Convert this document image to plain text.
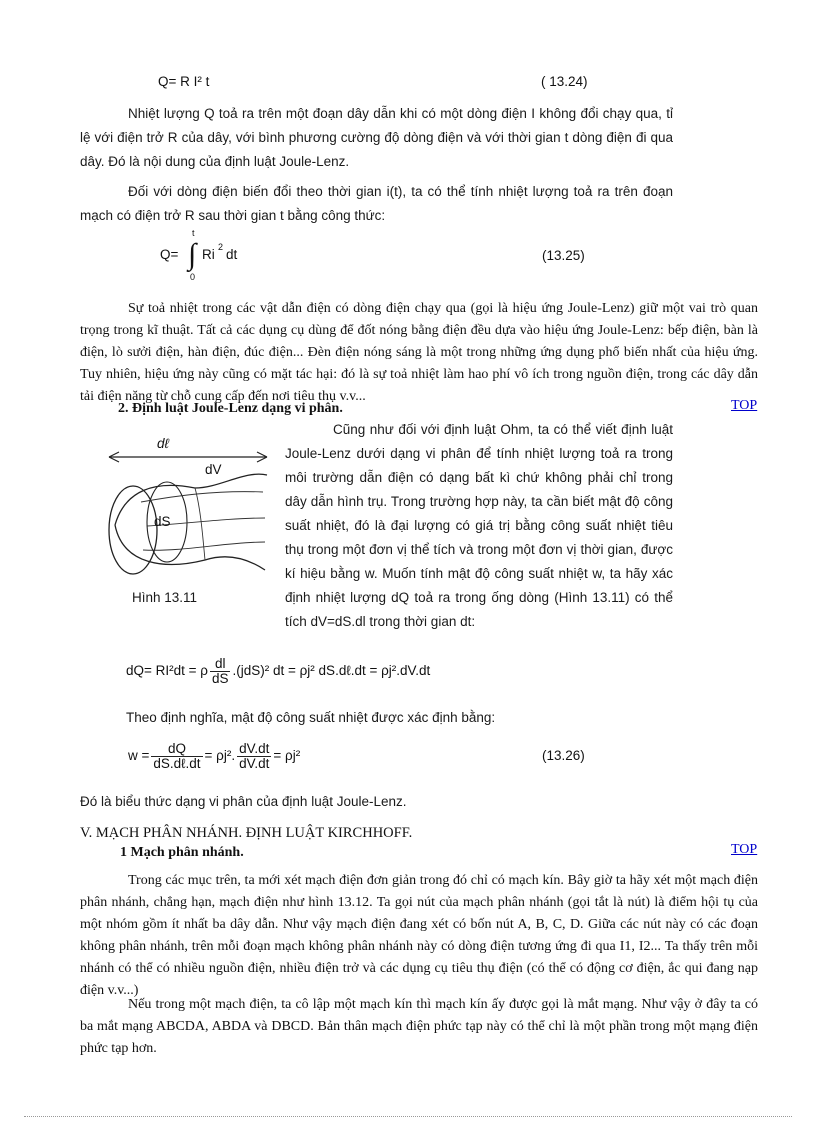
Q= R I² t	( 13.24)
Nhiệt lượng Q toả ra trên một đoạn dây dẫn khi có một dòng điện I không đổi chạy qua, tỉ lệ với điện trở R của dây, với bình phương cường độ dòng điện và với thời gian t dòng điện đi qua dây. Đó là nội dung của định luật Joule-Lenz.
Đối với dòng điện biến đổi theo thời gian i(t), ta có thể tính nhiệt lượng toả ra trên đoạn mạch có điện trở R sau thời gian t bằng công thức:
Q= ∫
t
0
Ri 2 dt	(13.25)
Sự toả nhiệt trong các vật dẫn điện có dòng điện chạy qua (gọi là hiệu ứng Joule-Lenz) giữ một vai trò quan trọng trong kĩ thuật. Tất cả các dụng cụ dùng để đốt nóng bằng điện đều dựa vào hiệu ứng Joule-Lenz: bếp điện, bàn là điện, lò sưởi điện, hàn điện, đúc điện... Đèn điện nóng sáng là một trong những ứng dụng phổ biến nhất của hiệu ứng. Tuy nhiên, hiệu ứng này cũng có mặt tác hại: đó là sự toả nhiệt làm hao phí vô ích trong nguồn điện, trong các dây dẫn tải điện năng từ chỗ cung cấp đến nơi tiêu thụ v.v...
2. Định luật Joule-Lenz dạng vi phân.	TOP
dℓ
dV
dS
Hình 13.11
Cũng như đối với định luật Ohm, ta có thể viết định luật Joule-Lenz dưới dạng vi phân để tính nhiệt lượng toả ra trong môi trường dẫn điện có dạng bất kì chứ không phải chỉ trong dây dẫn hình trụ. Trong trường hợp này, ta cần biết mật độ công suất nhiệt, đó là đại lượng có giá trị bằng công suất nhiệt tiêu thụ trong một đơn vị thể tích và trong một đơn vị thời gian, được kí hiệu bằng w. Muốn tính mật độ công suất nhiệt w, ta hãy xác định nhiệt lượng dQ toả ra trong ống dòng (Hình 13.11) có thể tích dV=dS.dl trong thời gian dt:
dQ= RI²dt = ρ $\frac{dl}{dS} .(jdS)^2$ dt = ρj² dS.dℓ.dt = ρj².dV.dt
Theo định nghĩa, mật độ công suất nhiệt được xác định bằng:
$w = \frac{dQ}{\text{dS.dℓ.dt}} = \rho j^2$. $\frac{dV.dt}{dV.dt} = \rho j^2$	(13.26)
Đó là biểu thức dạng vi phân của định luật Joule-Lenz.
V. MẠCH PHÂN NHÁNH. ĐỊNH LUẬT KIRCHHOFF.
1 Mạch phân nhánh.	TOP
Trong các mục trên, ta mới xét mạch điện đơn giản trong đó chỉ có mạch kín. Bây giờ ta hãy xét một mạch điện phân nhánh, chẳng hạn, mạch điện như hình 13.12. Ta gọi nút của mạch phân nhánh (gọi tắt là nút) là điểm hội tụ của một nhóm gồm ít nhất ba dây dẫn. Như vậy mạch điện đang xét có bốn nút A, B, C, D. Giữa các nút này có các đoạn không phân nhánh, trên mỗi đoạn mạch không phân nhánh này có dòng điện tương ứng đi qua I1, I2... Ta thấy trên mỗi nhánh có thể có nhiều nguồn điện, nhiều điện trở và các dụng cụ tiêu thụ điện (có thể có động cơ điện, ắc qui đang nạp điện v.v...)
Nếu trong một mạch điện, ta cô lập một mạch kín thì mạch kín ấy được gọi là mắt mạng. Như vậy ở đây ta có ba mắt mạng ABCDA, ABDA và DBCD. Bản thân mạch điện phức tạp này có thể chỉ là một phần trong một mạng điện phức tạp hơn.
